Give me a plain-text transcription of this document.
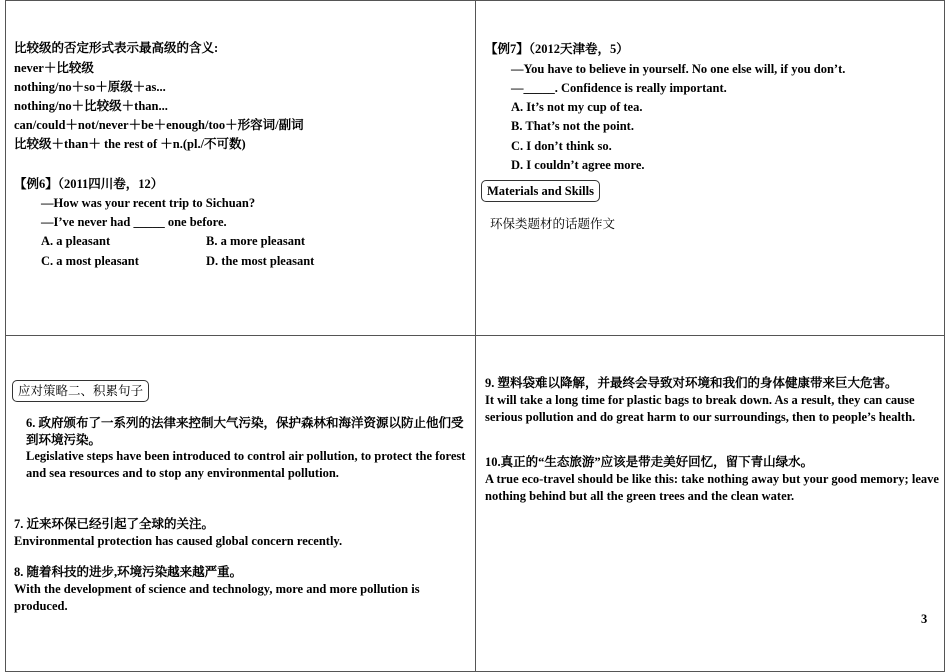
比较级的否定形式表示最高级的含义:
never＋比较级
nothing/no＋so＋原级＋as...
nothing/no＋比较级＋than...
can/could＋not/never＋be＋enough/too＋形容词/副词
比较级＋than＋ the rest of ＋n.(pl./不可数)
【例6】（2011四川卷，12）
—How was your recent trip to Sichuan?
—I’ve never had _____ one before.
A. a pleasant	B. a more pleasant
C. a most pleasant	D. the most pleasant
【例7】（2012天津卷，5）
—You have to believe in yourself. No one else will, if you don’t.
—_____. Confidence is really important.
A. It’s not my cup of tea.
B. That’s not the point.
C. I don’t think so.
D. I couldn’t agree more.
Materials and Skills
环保类题材的话题作文
应对策略二、积累句子
6. 政府颁布了一系列的法律来控制大气污染，保护森林和海洋资源以防止他们受到环境污染。
Legislative steps have been introduced to control air pollution, to protect the forest and sea resources and to stop any environmental pollution.
7. 近来环保已经引起了全球的关注。
Environmental protection has caused global concern recently.
8. 随着科技的进步,环境污染越来越严重。
With the development of science and technology, more and more pollution is produced.
9. 塑料袋难以降解，并最终会导致对环境和我们的身体健康带来巨大危害。
It will take a long time for plastic bags to break down. As a result, they can cause serious pollution and do great harm to our surroundings, then to people’s health.
10.真正的“生态旅游”应该是带走美好回忆，留下青山绿水。
A true eco-travel should be like this: take nothing away but your good memory; leave nothing behind but all the green trees and the clean water.
3
